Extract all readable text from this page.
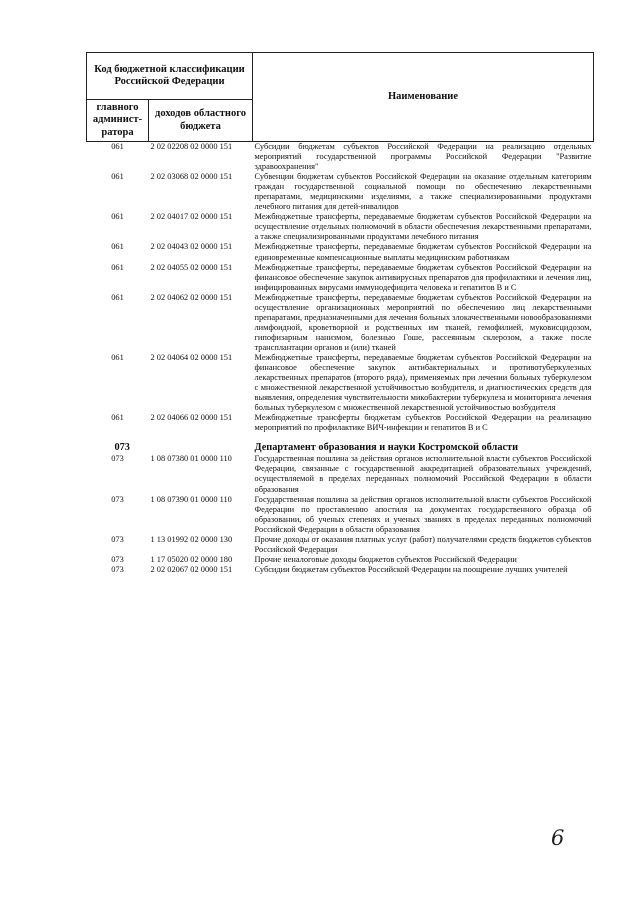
Код бюджетной классификации Российской Федерации		Наименование
главного админист-ратора	доходов областного бюджета	
061	2 02 02208 02 0000 151	Субсидии бюджетам субъектов Российской Федерации на реализацию отдельных мероприятий государственной программы Российской Федерации "Развитие здравоохранения"
061	2 02 03068 02 0000 151	Субвенции бюджетам субъектов Российской Федерации на оказание отдельным категориям граждан государственной социальной помощи по обеспечению лекарственными препаратами, медицинскими изделиями, а также специализированными продуктами лечебного питания для детей-инвалидов
061	2 02 04017 02 0000 151	Межбюджетные трансферты, передаваемые бюджетам субъектов Российской Федерации на осуществление отдельных полномочий в области обеспечения лекарственными препаратами, а также специализированными продуктами лечебного питания
061	2 02 04043 02 0000 151	Межбюджетные трансферты, передаваемые бюджетам субъектов Российской Федерации на единовременные компенсационные выплаты медицинским работникам
061	2 02 04055 02 0000 151	Межбюджетные трансферты, передаваемые бюджетам субъектов Российской Федерации на финансовое обеспечение закупок антивирусных препаратов для профилактики и лечения лиц, инфицированных вирусами иммунодефицита человека и гепатитов В и С
061	2 02 04062 02 0000 151	Межбюджетные трансферты, передаваемые бюджетам субъектов Российской Федерации на осуществление организационных мероприятий по обеспечению лиц лекарственными препаратами, предназначенными для лечения больных злокачественными новообразованиями лимфоидной, кроветворной и родственных им тканей, гемофилией, муковисцидозом, гипофизарным нанизмом, болезнью Гоше, рассеянным склерозом, а также после трансплантации органов и (или) тканей
061	2 02 04064 02 0000 151	Межбюджетные трансферты, передаваемые бюджетам субъектов Российской Федерации на финансовое обеспечение закупок антибактериальных и противотуберкулезных лекарственных препаратов (второго ряда), применяемых при лечении больных туберкулезом с множественной лекарственной устойчивостью возбудителя, и диагностических средств для выявления, определения чувствительности микобактерии туберкулеза и мониторинга лечения больных туберкулезом с множественной лекарственной устойчивостью возбудителя
061	2 02 04066 02 0000 151	Межбюджетные трансферты бюджетам субъектов Российской Федерации на реализацию мероприятий по профилактике ВИЧ-инфекции и гепатитов В и С
073		Департамент образования и науки Костромской области
073	1 08 07380 01 0000 110	Государственная пошлина за действия органов исполнительной власти субъектов Российской Федерации, связанные с государственной аккредитацией образовательных учреждений, осуществляемой в пределах переданных полномочий Российской Федерации в области образования
073	1 08 07390 01 0000 110	Государственная пошлина за действия органов исполнительной власти субъектов Российской Федерации по проставлению апостиля на документах государственного образца об образовании, об ученых степенях и ученых званиях в пределах переданных полномочий Российской Федерации в области образования
073	1 13 01992 02 0000 130	Прочие доходы от оказания платных услуг (работ) получателями средств бюджетов субъектов Российской Федерации
073	1 17 05020 02 0000 180	Прочие неналоговые доходы бюджетов субъектов Российской Федерации
073	2 02 02067 02 0000 151	Субсидии бюджетам субъектов Российской Федерации на поощрение лучших учителей
6
